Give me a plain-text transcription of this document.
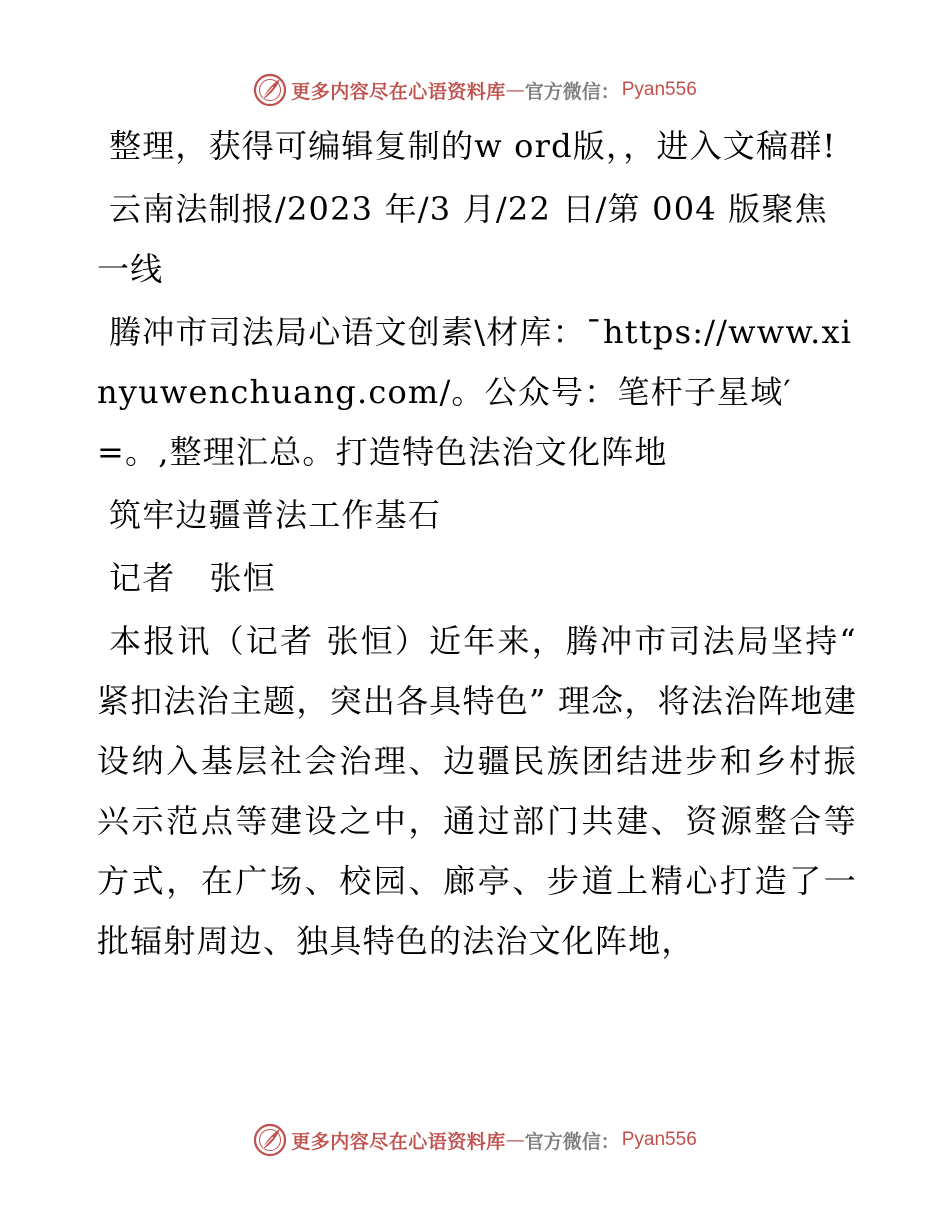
更多内容尽在心语资料库 — 官方微信： Pyan556

整理，获得可编辑复制的w ord版，，进入文稿群!

云南法制报/2023 年/3 月/22 日/第 004 版聚焦一线

腾冲市司法局心语文创素\材库：¯https://www.xinyuwenchuang.com/。公众号：笔杆子星域′=。,整理汇总。打造特色法治文化阵地

筑牢边疆普法工作基石

记者   张恒

本报讯（记者 张恒）近年来，腾冲市司法局坚持“ 紧扣法治主题，突出各具特色” 理念，将法治阵地建设纳入基层社会治理、边疆民族团结进步和乡村振兴示范点等建设之中，通过部门共建、资源整合等方式，在广场、校园、廊亭、步道上精心打造了一批辐射周边、独具特色的法治文化阵地，

更多内容尽在心语资料库 — 官方微信： Pyan556
